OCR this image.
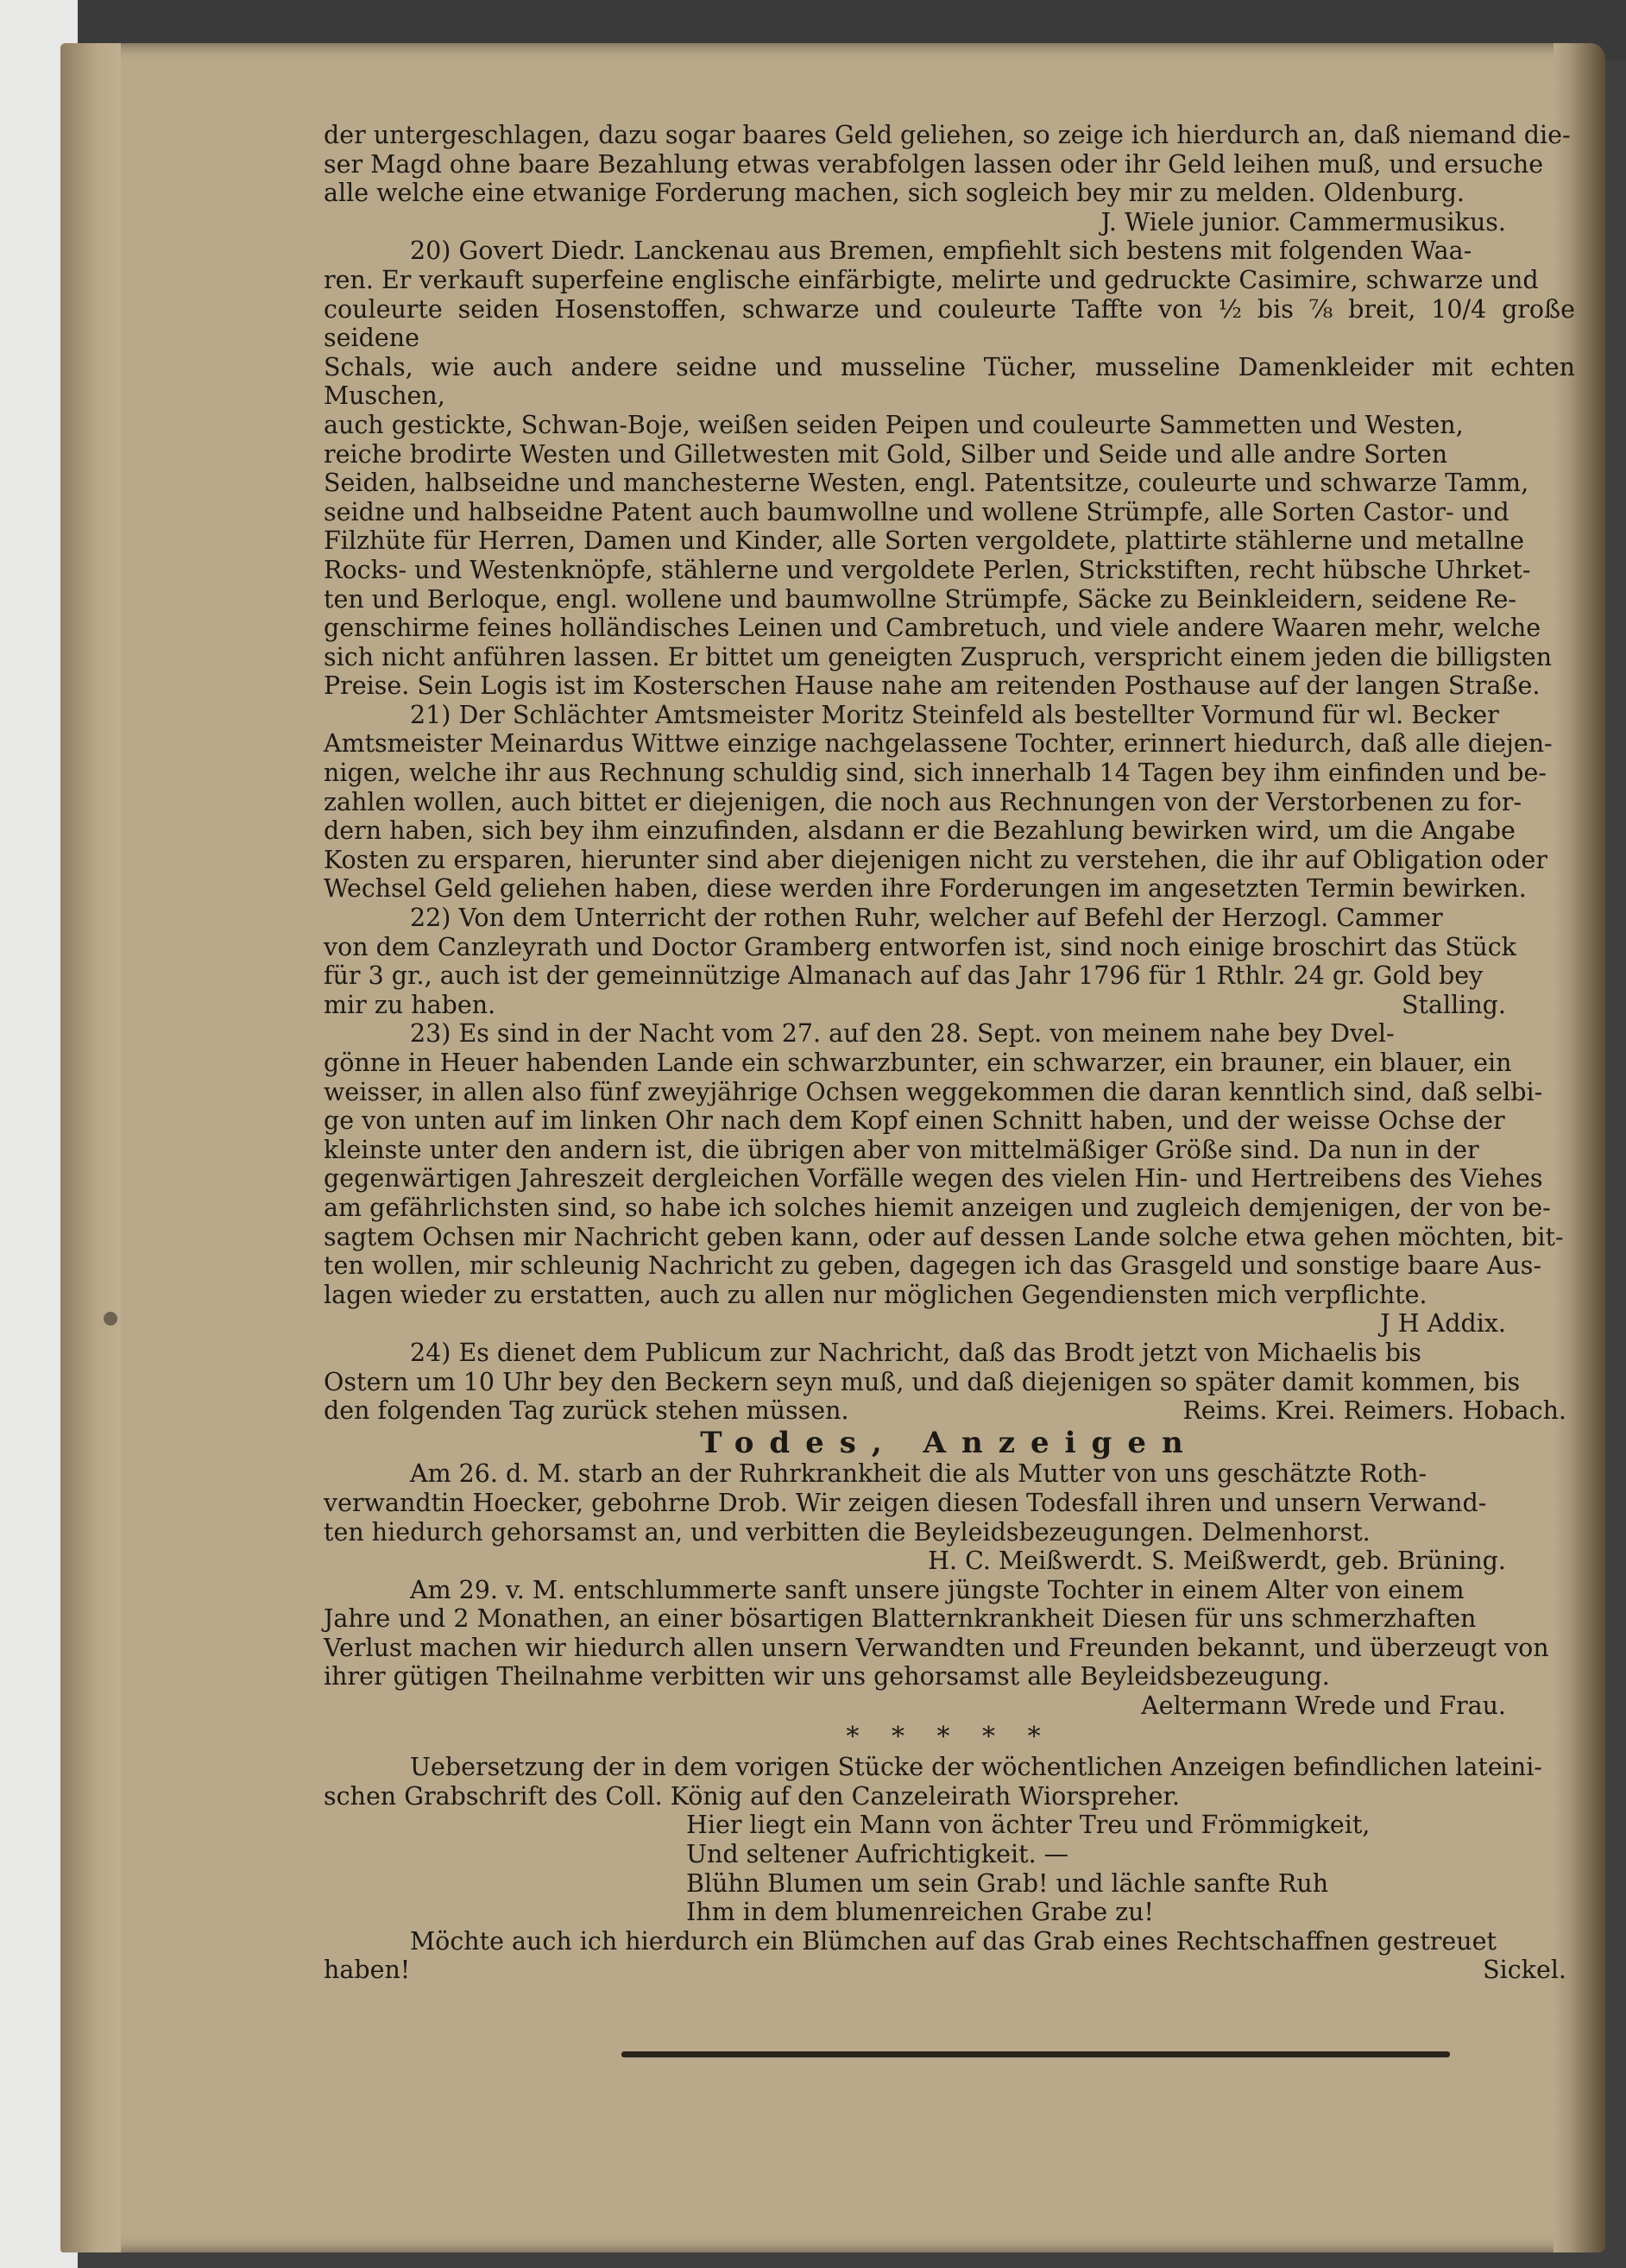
der untergeschlagen, dazu sogar baares Geld geliehen, so zeige ich hierdurch an, daß niemand die-

ser Magd ohne baare Bezahlung etwas verabfolgen lassen oder ihr Geld leihen muß, und ersuche

alle welche eine etwanige Forderung machen, sich sogleich bey mir zu melden. Oldenburg.

J. Wiele junior. Cammermusikus.

20) Govert Diedr. Lanckenau aus Bremen, empfiehlt sich bestens mit folgenden Waa-

ren. Er verkauft superfeine englische einfärbigte, melirte und gedruckte Casimire, schwarze und

couleurte seiden Hosenstoffen, schwarze und couleurte Taffte von ½ bis ⅞ breit, 10/4 große seidene

Schals, wie auch andere seidne und musseline Tücher, musseline Damenkleider mit echten Muschen,

auch gestickte, Schwan-Boje, weißen seiden Peipen und couleurte Sammetten und Westen,

reiche brodirte Westen und Gilletwesten mit Gold, Silber und Seide und alle andre Sorten

Seiden, halbseidne und manchesterne Westen, engl. Patentsitze, couleurte und schwarze Tamm,

seidne und halbseidne Patent auch baumwollne und wollene Strümpfe, alle Sorten Castor- und

Filzhüte für Herren, Damen und Kinder, alle Sorten vergoldete, plattirte stählerne und metallne

Rocks- und Westenknöpfe, stählerne und vergoldete Perlen, Strickstiften, recht hübsche Uhrket-

ten und Berloque, engl. wollene und baumwollne Strümpfe, Säcke zu Beinkleidern, seidene Re-

genschirme feines holländisches Leinen und Cambretuch, und viele andere Waaren mehr, welche

sich nicht anführen lassen. Er bittet um geneigten Zuspruch, verspricht einem jeden die billigsten

Preise. Sein Logis ist im Kosterschen Hause nahe am reitenden Posthause auf der langen Straße.

21) Der Schlächter Amtsmeister Moritz Steinfeld als bestellter Vormund für wl. Becker

Amtsmeister Meinardus Wittwe einzige nachgelassene Tochter, erinnert hiedurch, daß alle diejen-

nigen, welche ihr aus Rechnung schuldig sind, sich innerhalb 14 Tagen bey ihm einfinden und be-

zahlen wollen, auch bittet er diejenigen, die noch aus Rechnungen von der Verstorbenen zu for-

dern haben, sich bey ihm einzufinden, alsdann er die Bezahlung bewirken wird, um die Angabe

Kosten zu ersparen, hierunter sind aber diejenigen nicht zu verstehen, die ihr auf Obligation oder

Wechsel Geld geliehen haben, diese werden ihre Forderungen im angesetzten Termin bewirken.

22) Von dem Unterricht der rothen Ruhr, welcher auf Befehl der Herzogl. Cammer

von dem Canzleyrath und Doctor Gramberg entworfen ist, sind noch einige broschirt das Stück

für 3 gr., auch ist der gemeinnützige Almanach auf das Jahr 1796 für 1 Rthlr. 24 gr. Gold bey

mir zu haben.	Stalling.

23) Es sind in der Nacht vom 27. auf den 28. Sept. von meinem nahe bey Dvel-

gönne in Heuer habenden Lande ein schwarzbunter, ein schwarzer, ein brauner, ein blauer, ein

weisser, in allen also fünf zweyjährige Ochsen weggekommen die daran kenntlich sind, daß selbi-

ge von unten auf im linken Ohr nach dem Kopf einen Schnitt haben, und der weisse Ochse der

kleinste unter den andern ist, die übrigen aber von mittelmäßiger Größe sind. Da nun in der

gegenwärtigen Jahreszeit dergleichen Vorfälle wegen des vielen Hin- und Hertreibens des Viehes

am gefährlichsten sind, so habe ich solches hiemit anzeigen und zugleich demjenigen, der von be-

sagtem Ochsen mir Nachricht geben kann, oder auf dessen Lande solche etwa gehen möchten, bit-

ten wollen, mir schleunig Nachricht zu geben, dagegen ich das Grasgeld und sonstige baare Aus-

lagen wieder zu erstatten, auch zu allen nur möglichen Gegendiensten mich verpflichte.

J H Addix.

24) Es dienet dem Publicum zur Nachricht, daß das Brodt jetzt von Michaelis bis

Ostern um 10 Uhr bey den Beckern seyn muß, und daß diejenigen so später damit kommen, bis

den folgenden Tag zurück stehen müssen.	Reims. Krei. Reimers. Hobach.

Todes, Anzeigen

Am 26. d. M. starb an der Ruhrkrankheit die als Mutter von uns geschätzte Roth-

verwandtin Hoecker, gebohrne Drob. Wir zeigen diesen Todesfall ihren und unsern Verwand-

ten hiedurch gehorsamst an, und verbitten die Beyleidsbezeugungen. Delmenhorst.

H. C. Meißwerdt. S. Meißwerdt, geb. Brüning.

Am 29. v. M. entschlummerte sanft unsere jüngste Tochter in einem Alter von einem

Jahre und 2 Monathen, an einer bösartigen Blatternkrankheit Diesen für uns schmerzhaften

Verlust machen wir hiedurch allen unsern Verwandten und Freunden bekannt, und überzeugt von

ihrer gütigen Theilnahme verbitten wir uns gehorsamst alle Beyleidsbezeugung.

Aeltermann Wrede und Frau.

* * * * *

Uebersetzung der in dem vorigen Stücke der wöchentlichen Anzeigen befindlichen lateini-

schen Grabschrift des Coll. König auf den Canzeleirath Wiorspreher.

Hier liegt ein Mann von ächter Treu und Frömmigkeit,

Und seltener Aufrichtigkeit. —

Blühn Blumen um sein Grab! und lächle sanfte Ruh

Ihm in dem blumenreichen Grabe zu!

Möchte auch ich hierdurch ein Blümchen auf das Grab eines Rechtschaffnen gestreuet

haben!	Sickel.
